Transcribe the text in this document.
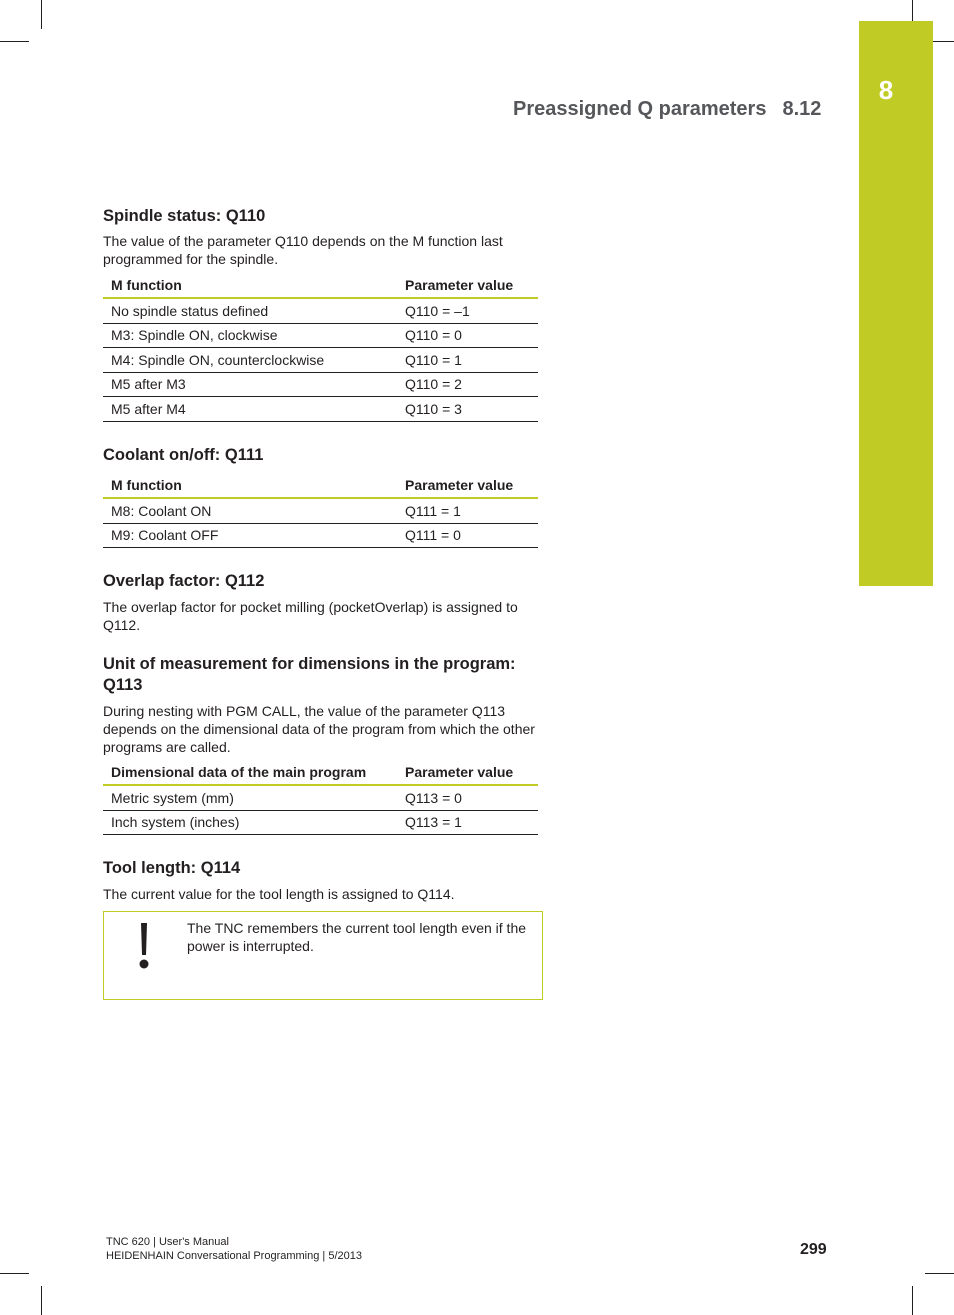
8
Preassigned Q parameters 8.12
Spindle status: Q110

The value of the parameter Q110 depends on the M function last programmed for the spindle.

M function	Parameter value
No spindle status defined	Q110 = –1
M3: Spindle ON, clockwise	Q110 = 0
M4: Spindle ON, counterclockwise	Q110 = 1
M5 after M3	Q110 = 2
M5 after M4	Q110 = 3
Coolant on/off: Q111
M function	Parameter value
M8: Coolant ON	Q111 = 1
M9: Coolant OFF	Q111 = 0
Overlap factor: Q112

The overlap factor for pocket milling (pocketOverlap) is assigned to Q112.

Unit of measurement for dimensions in the program: Q113

During nesting with PGM CALL, the value of the parameter Q113 depends on the dimensional data of the program from which the other programs are called.

Dimensional data of the main program	Parameter value
Metric system (mm)	Q113 = 0
Inch system (inches)	Q113 = 1
Tool length: Q114

The current value for the tool length is assigned to Q114.

The TNC remembers the current tool length even if the power is interrupted.
TNC 620 | User's Manual
HEIDENHAIN Conversational Programming | 5/2013	299
